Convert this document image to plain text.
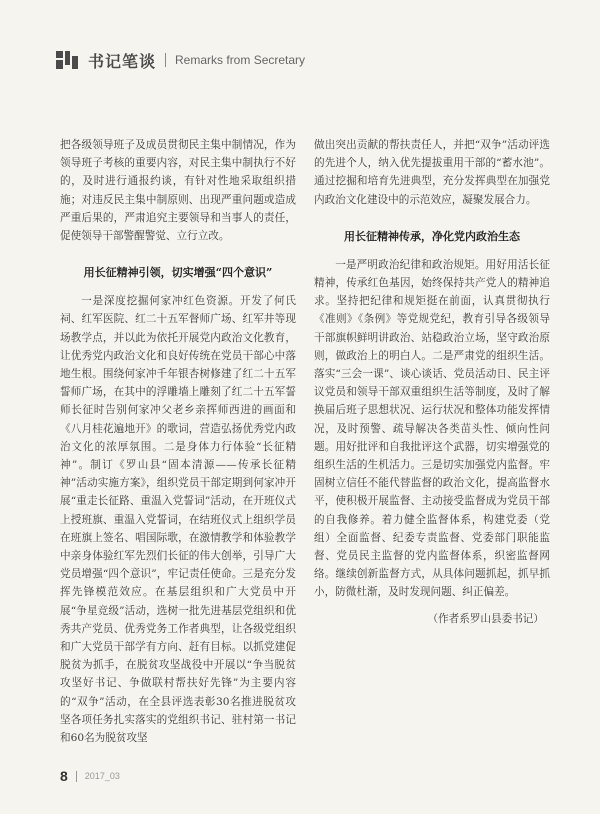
书记笔谈 Remarks from Secretary

把各级领导班子及成员贯彻民主集中制情况，作为领导班子考核的重要内容，对民主集中制执行不好的，及时进行通报约谈，有针对性地采取组织措施；对违反民主集中制原则、出现严重问题或造成严重后果的，严肃追究主要领导和当事人的责任，促使领导干部警醒警觉、立行立改。

用长征精神引领，切实增强“四个意识”

一是深度挖掘何家冲红色资源。开发了何氏祠、红军医院、红二十五军督师广场、红军井等现场教学点，并以此为依托开展党内政治文化教育，让优秀党内政治文化和良好传统在党员干部心中落地生根。围绕何家冲千年银杏树修建了红二十五军誓师广场，在其中的浮雕墙上雕刻了红二十五军誓师长征时告别何家冲父老乡亲挥师西进的画面和《八月桂花遍地开》的歌词，营造弘扬优秀党内政治文化的浓厚氛围。二是身体力行体验“长征精神”。制订《罗山县“固本清源——传承长征精神”活动实施方案》，组织党员干部定期到何家冲开展“重走长征路、重温入党誓词”活动，在开班仪式上授班旗、重温入党誓词，在结班仪式上组织学员在班旗上签名、唱国际歌，在激情教学和体验教学中亲身体验红军先烈们长征的伟大创举，引导广大党员增强“四个意识”，牢记责任使命。三是充分发挥先锋模范效应。在基层组织和广大党员中开展“争星竞级”活动，选树一批先进基层党组织和优秀共产党员、优秀党务工作者典型，让各级党组织和广大党员干部学有方向、赶有目标。以抓党建促脱贫为抓手，在脱贫攻坚战役中开展以“争当脱贫攻坚好书记、争做联村帮扶好先锋”为主要内容的“双争”活动，在全县评选表彰30名推进脱贫攻坚各项任务扎实落实的党组织书记、驻村第一书记和60名为脱贫攻坚

做出突出贡献的帮扶责任人，并把“双争”活动评选的先进个人，纳入优先提拔重用干部的“蓄水池”。通过挖掘和培育先进典型，充分发挥典型在加强党内政治文化建设中的示范效应，凝聚发展合力。

用长征精神传承，净化党内政治生态

一是严明政治纪律和政治规矩。用好用活长征精神，传承红色基因，始终保持共产党人的精神追求。坚持把纪律和规矩挺在前面，认真贯彻执行《准则》《条例》等党规党纪，教育引导各级领导干部旗帜鲜明讲政治、站稳政治立场，坚守政治原则，做政治上的明白人。二是严肃党的组织生活。落实“三会一课”、谈心谈话、党员活动日、民主评议党员和领导干部双重组织生活等制度，及时了解换届后班子思想状况、运行状况和整体功能发挥情况，及时预警、疏导解决各类苗头性、倾向性问题。用好批评和自我批评这个武器，切实增强党的组织生活的生机活力。三是切实加强党内监督。牢固树立信任不能代替监督的政治文化，提高监督水平，使积极开展监督、主动接受监督成为党员干部的自我修养。着力健全监督体系，构建党委（党组）全面监督、纪委专责监督、党委部门职能监督、党员民主监督的党内监督体系，织密监督网络。继续创新监督方式，从具体问题抓起，抓早抓小，防微杜渐，及时发现问题、纠正偏差。

（作者系罗山县委书记）

8 2017_03
